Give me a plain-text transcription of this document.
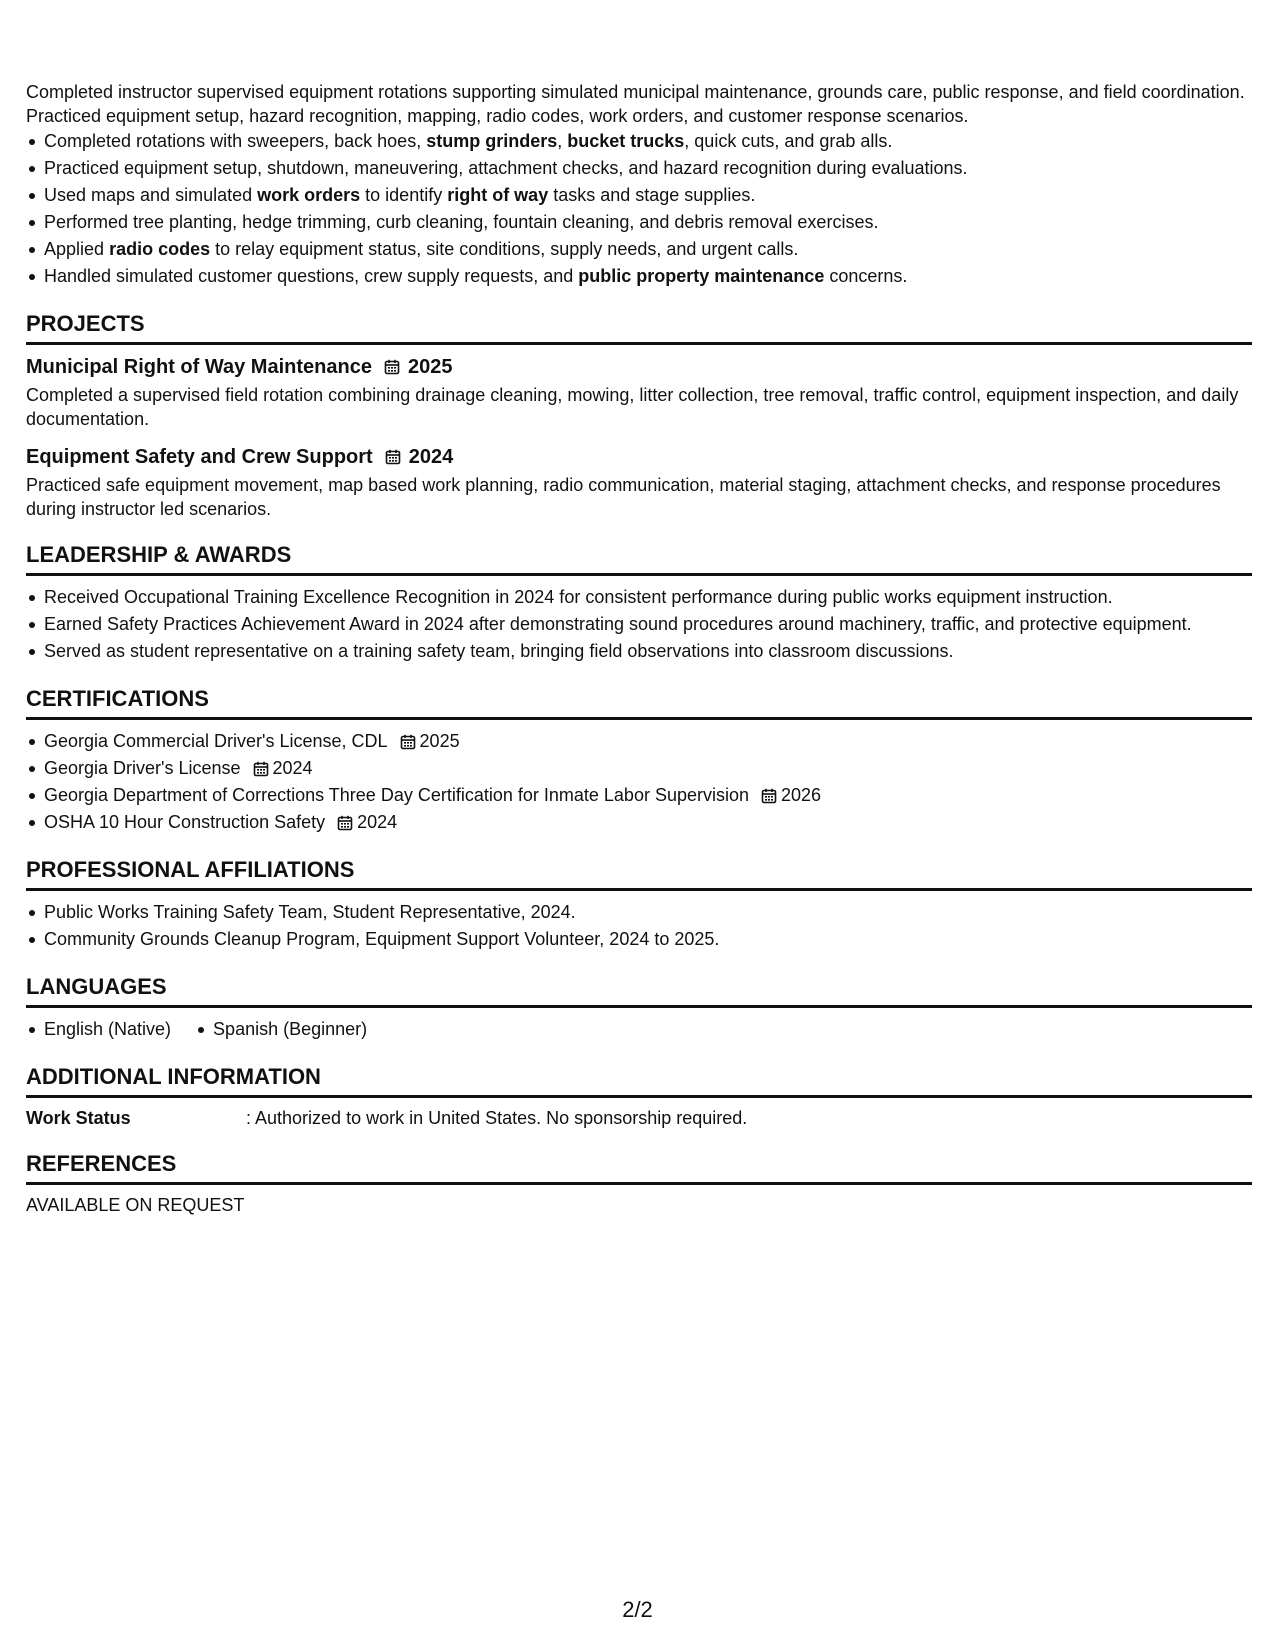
Completed instructor supervised equipment rotations supporting simulated municipal maintenance, grounds care, public response, and field coordination. Practiced equipment setup, hazard recognition, mapping, radio codes, work orders, and customer response scenarios.

Completed rotations with sweepers, back hoes, stump grinders, bucket trucks, quick cuts, and grab alls.
Practiced equipment setup, shutdown, maneuvering, attachment checks, and hazard recognition during evaluations.
Used maps and simulated work orders to identify right of way tasks and stage supplies.
Performed tree planting, hedge trimming, curb cleaning, fountain cleaning, and debris removal exercises.
Applied radio codes to relay equipment status, site conditions, supply needs, and urgent calls.
Handled simulated customer questions, crew supply requests, and public property maintenance concerns.
PROJECTS
Municipal Right of Way Maintenance 2025

Completed a supervised field rotation combining drainage cleaning, mowing, litter collection, tree removal, traffic control, equipment inspection, and daily documentation.

Equipment Safety and Crew Support 2024

Practiced safe equipment movement, map based work planning, radio communication, material staging, attachment checks, and response procedures during instructor led scenarios.

LEADERSHIP & AWARDS
Received Occupational Training Excellence Recognition in 2024 for consistent performance during public works equipment instruction.
Earned Safety Practices Achievement Award in 2024 after demonstrating sound procedures around machinery, traffic, and protective equipment.
Served as student representative on a training safety team, bringing field observations into classroom discussions.
CERTIFICATIONS
Georgia Commercial Driver's License, CDL 2025
Georgia Driver's License 2024
Georgia Department of Corrections Three Day Certification for Inmate Labor Supervision 2026
OSHA 10 Hour Construction Safety 2024
PROFESSIONAL AFFILIATIONS
Public Works Training Safety Team, Student Representative, 2024.
Community Grounds Cleanup Program, Equipment Support Volunteer, 2024 to 2025.
LANGUAGES
English (Native)	Spanish (Beginner)
ADDITIONAL INFORMATION
Work Status	: Authorized to work in United States. No sponsorship required.
REFERENCES

AVAILABLE ON REQUEST

2/2
